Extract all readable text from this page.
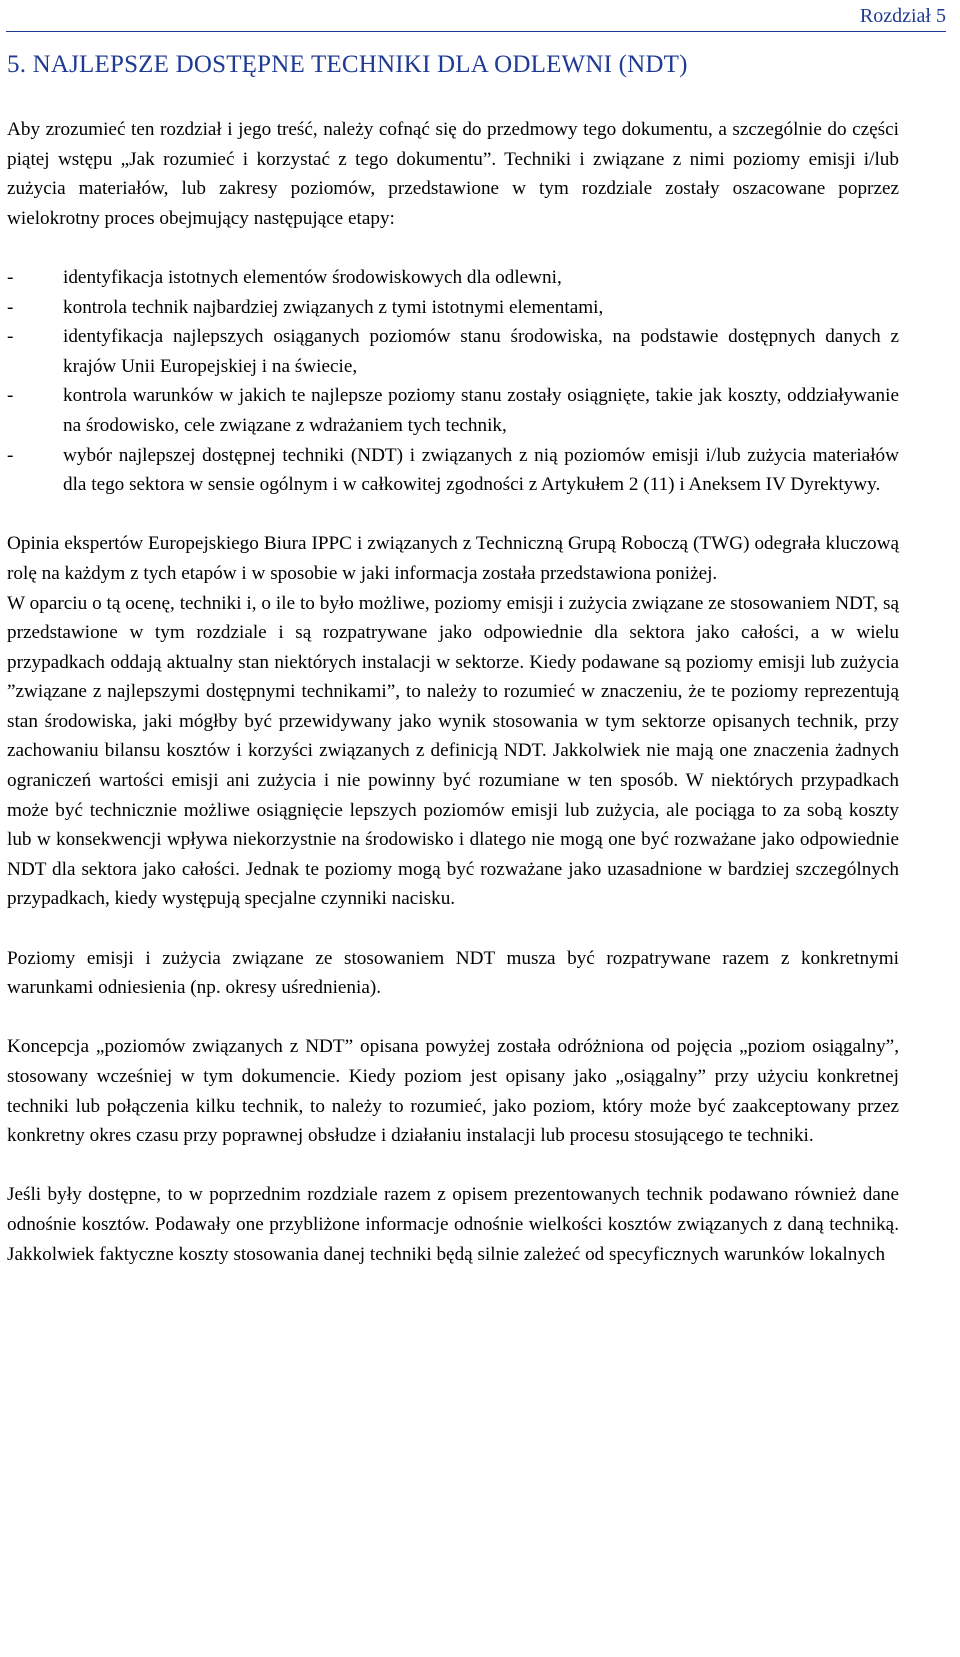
Rozdział 5
5. NAJLEPSZE DOSTĘPNE TECHNIKI DLA ODLEWNI (NDT)

Aby zrozumieć ten rozdział i jego treść, należy cofnąć się do przedmowy tego dokumentu, a szczególnie do części piątej wstępu „Jak rozumieć i korzystać z tego dokumentu”. Techniki i związane z nimi poziomy emisji i/lub zużycia materiałów, lub zakresy poziomów, przedstawione w tym rozdziale zostały oszacowane poprzez wielokrotny proces obejmujący następujące etapy:

-	identyfikacja istotnych elementów środowiskowych dla odlewni,
-	kontrola technik najbardziej związanych z tymi istotnymi elementami,
-	identyfikacja najlepszych osiąganych poziomów stanu środowiska, na podstawie dostępnych danych z krajów Unii Europejskiej i na świecie,
-	kontrola warunków w jakich te najlepsze poziomy stanu zostały osiągnięte, takie jak koszty, oddziaływanie na środowisko, cele związane z wdrażaniem tych technik,
-	wybór najlepszej dostępnej techniki (NDT) i związanych z nią poziomów emisji i/lub zużycia materiałów dla tego sektora w sensie ogólnym i w całkowitej zgodności z Artykułem 2 (11) i Aneksem IV Dyrektywy.

Opinia ekspertów Europejskiego Biura IPPC i związanych z Techniczną Grupą Roboczą (TWG) odegrała kluczową rolę na każdym z tych etapów i w sposobie w jaki informacja została przedstawiona poniżej.

W oparciu o tą ocenę, techniki i, o ile to było możliwe, poziomy emisji i zużycia związane ze stosowaniem NDT, są przedstawione w tym rozdziale i są rozpatrywane jako odpowiednie dla sektora jako całości, a w wielu przypadkach oddają aktualny stan niektórych instalacji w sektorze. Kiedy podawane są poziomy emisji lub zużycia ”związane z najlepszymi dostępnymi technikami”, to należy to rozumieć w znaczeniu, że te poziomy reprezentują stan środowiska, jaki mógłby być przewidywany jako wynik stosowania w tym sektorze opisanych technik, przy zachowaniu bilansu kosztów i korzyści związanych z definicją NDT. Jakkolwiek nie mają one znaczenia żadnych ograniczeń wartości emisji ani zużycia i nie powinny być rozumiane w ten sposób. W niektórych przypadkach może być technicznie możliwe osiągnięcie lepszych poziomów emisji lub zużycia, ale pociąga to za sobą koszty lub w konsekwencji wpływa niekorzystnie na środowisko i dlatego nie mogą one być rozważane jako odpowiednie NDT dla sektora jako całości. Jednak te poziomy mogą być rozważane jako uzasadnione w bardziej szczególnych przypadkach, kiedy występują specjalne czynniki nacisku.

Poziomy emisji i zużycia związane ze stosowaniem NDT musza być rozpatrywane razem z konkretnymi warunkami odniesienia (np. okresy uśrednienia).

Koncepcja „poziomów związanych z NDT” opisana powyżej została odróżniona od pojęcia „poziom osiągalny”, stosowany wcześniej w tym dokumencie. Kiedy poziom jest opisany jako „osiągalny” przy użyciu konkretnej techniki lub połączenia kilku technik, to należy to rozumieć, jako poziom, który może być zaakceptowany przez konkretny okres czasu przy poprawnej obsłudze i działaniu instalacji lub procesu stosującego te techniki.

Jeśli były dostępne, to w poprzednim rozdziale razem z opisem prezentowanych technik podawano również dane odnośnie kosztów. Podawały one przybliżone informacje odnośnie wielkości kosztów związanych z daną techniką. Jakkolwiek faktyczne koszty stosowania danej techniki będą silnie zależeć od specyficznych warunków lokalnych
